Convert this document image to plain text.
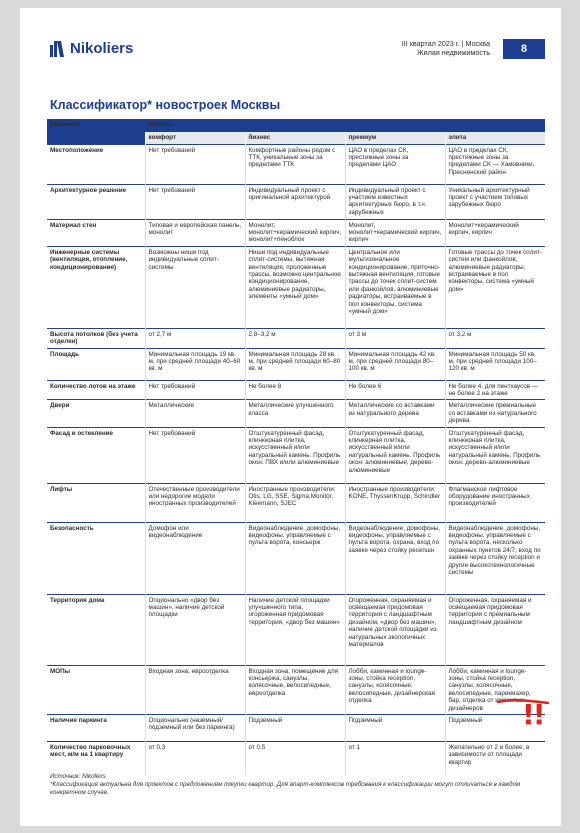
Nikoliers	III квартал 2023 г. | Москва
Жилая недвижимость	8
Классификатор* новостроек Москвы
Критерий	Классы			
	комфорт	бизнес	премиум	элита
Местоположение	Нет требований	Комфортные районы рядом с ТТК, уникальные зоны за пределами ТТК	ЦАО в пределах СК, престижные зоны за пределами ЦАО	ЦАО в пределах СК, престижные зоны за пределами СК — Хамовники, Пресненский район
Архитектурное решение	Нет требований	Индивидуальный проект с оригинальной архитектурой	Индивидуальный проект с участием известных архитектурных бюро, в т.ч. зарубежных	Уникальный архитектурный проект с участием топовых зарубежных бюро
Материал стен	Типовая и европейская панель, монолит	Монолит, монолит+керамический кирпич, монолит+пеноблок	Монолит, монолит+керамический кирпич, кирпич	Монолит+керамический кирпич, кирпич
Инженерные системы (вентиляция, отопление, кондиционирование)	Возможны ниши под индивидуальные сплит-системы	Ниши под индивидуальные сплит-системы, вытяжная вентиляция, проложенные трассы, возможно центральное кондиционирование, алюминиевые радиаторы, элементы «умный дом»	Центральное или мультизональное кондиционирование, приточно-вытяжная вентиляция, готовые трассы до точек сплит-систем или фанкойлов, алюминиевые радиаторы, встраиваемые в пол конвекторы, система «умный дом»	Готовые трассы до точек сплит-систем или фанкойлов, алюминиевые радиаторы, встраиваемые в пол конвекторы, система «умный дом»
Высота потолков (без учета отделки)	от 2,7 м	2,8–3,2 м	от 3 м	от 3,2 м
Площадь	Минимальная площадь 19 кв. м, при средней площади 40–60 кв. м	Минимальная площадь 28 кв. м, при средней площади 60–80 кв. м	Минимальная площадь 42 кв. м, при средней площади 80–100 кв. м	Минимальная площадь 50 кв. м, при средней площади 100–120 кв. м
Количество лотов на этаже	Нет требований	Не более 8	Не более 6	Не более 4, для пентхаусов — не более 2 на этаже
Двери	Металлические	Металлические улучшенного класса	Металлические со вставками из натурального дерева	Металлические премиальные со вставками из натурального дерева
Фасад и остекление	Нет требований	Отштукатуренный фасад, клинкерная плитка, искусственный и/или натуральный камень. Профиль окон: ПВХ и/или алюминиевые	Отштукатуренный фасад, клинкерная плитка, искусственный и/или натуральный камень. Профиль окон: алюминиевые, дерево-алюминиевые	Отштукатуренный фасад, клинкерная плитка, искусственный и/или натуральный камень. Профиль окон: дерево-алюминиевые
Лифты	Отечественные производители или недорогие модели иностранных производителей	Иностранные производители: Otis, LG, SSE, Sigma,Monitor, Kleemann, SJEC	Иностранные производители: KONE, ThyssenKrupp, Schindler	Флагманское лифтовое оборудование иностранных производителей
Безопасность	Домофон или видеонаблюдение	Видеонаблюдение, домофоны, видеофоны, управляемые с пульта ворота, консьерж	Видеонаблюдение, домофоны, видеофоны, управляемые с пульта ворота, охрана, вход по заявке через стойку ресепшн	Видеонаблюдение, домофоны, видеофоны, управляемые с пульта ворота, несколько охранных пунктов 24/7, вход по заявке через стойку reception и другие высокотехнологичные системы
Территория дома	Опционально «двор без машин», наличие детской площадки	Наличие детской площадки улучшенного типа, огороженная придомовая территория, «двор без машин»	Огороженная, охраняемая и освещаемая придомовая территория с ландшафтным дизайном, «двор без машин», наличие детской площадки из натуральных экологичных материалов	Огороженная, охраняемая и освещаемая придомовая территория с премиальным ландшафтным дизайном
МОПы	Входная зона, евроотделка	Входная зона, помещение для консьержа, санузлы, колясочные, велосипедные, евроотделка	Лобби, каминная и lounge-зоны, стойка reception, санузлы, колясочные, велосипедные, дизайнерская отделка	Лобби, каминная и lounge-зоны, стойка reception, санузлы, колясочные, велосипедные, парикмахер, бар, отделка от именитых дизайнеров
Наличие паркинга	Опционально (наземный/подземный или без паркинга)	Подземный	Подземный	Подземный
Количество парковочных мест, м/м на 1 квартиру	от 0,3	от 0,5	от 1	Желательно от 2 и более, в зависимости от площади квартир
Источник: Nikoliers
*Классификация актуальна для проектов с предложением покупки квартир. Для апарт-комплексов требования к классификации могут отличаться в каждом конкретном случае.
!!
